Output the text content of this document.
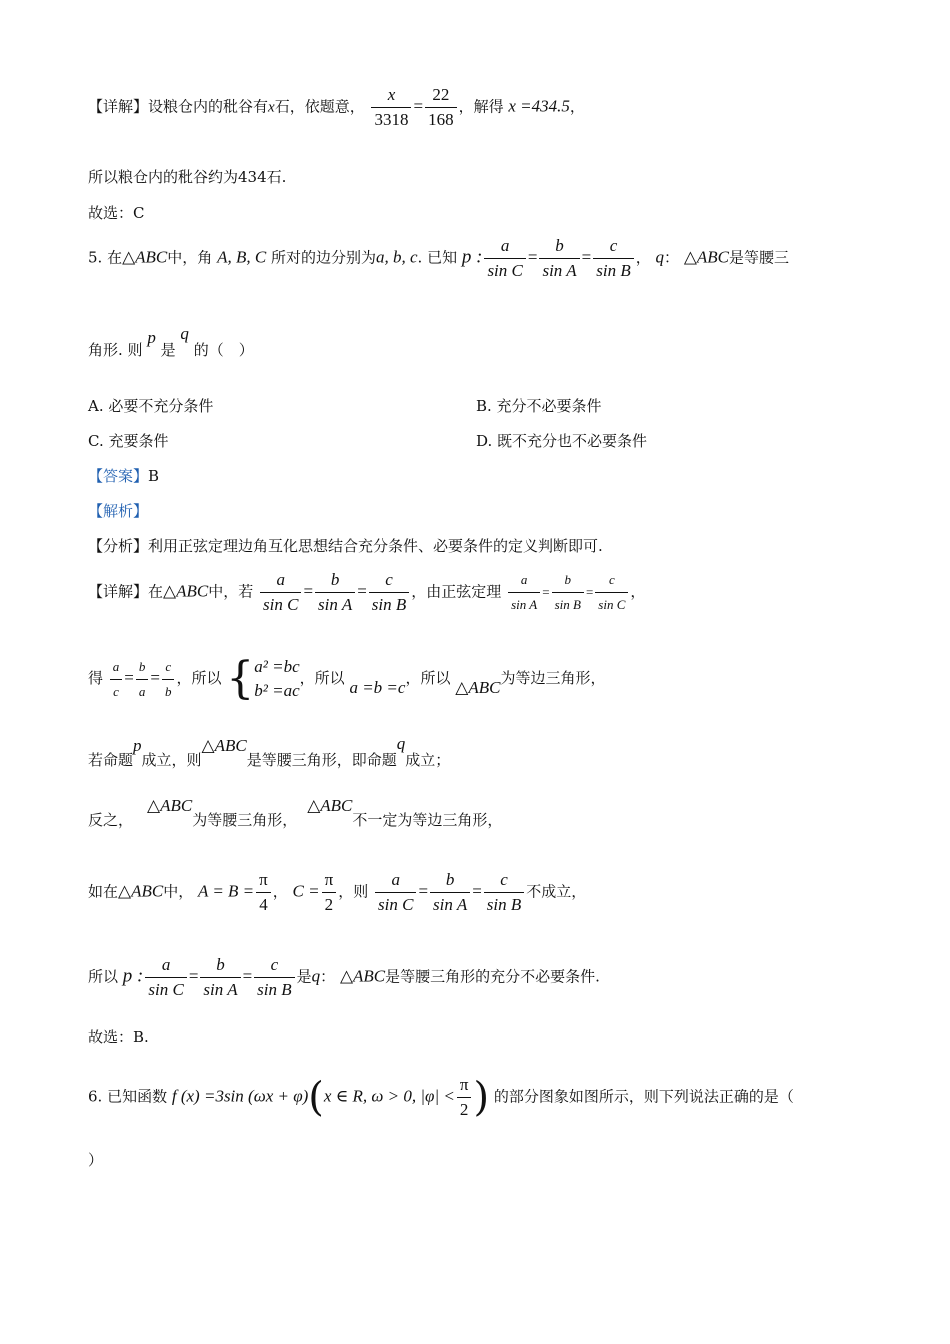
【详解】设粮仓内的秕谷有x石，依题意， $\frac{x}{3318} = \frac{22}{168}$ ，解得 x =434.5，
所以粮仓内的秕谷约为434石.
故选：C
5. 在△ABC中，角 A, B, C 所对的边分别为a, b, c. 已知 p : $\frac{a}{\text{sin C}} = \frac{b}{\text{sin A}} = \frac{c}{\text{sin B}}$ ， q： △ABC是等腰三
角形. 则 p 是 q 的（　）
A. 必要不充分条件	B. 充分不必要条件
C. 充要条件	D. 既不充分也不必要条件
【答案】B
【解析】
【分析】利用正弦定理边角互化思想结合充分条件、必要条件的定义判断即可.
【详解】在△ABC中，若 $\frac{a}{\text{sin C}} = \frac{b}{\text{sin A}} = \frac{c}{\text{sin B}}$ ，由正弦定理 $\frac{a}{\text{sin A}} = \frac{b}{\text{sin B}} = \frac{c}{\text{sin C}}$ ，
得 $\frac{a}{c} = \frac{b}{a} = \frac{c}{b}$ ，所以 { a² =bc
b² =ac
，所以 a =b =c，所以 △ABC为等边三角形，
若命题p成立，则△ABC是等腰三角形，即命题q成立；
反之，△ABC为等腰三角形，△ABC不一定为等边三角形，
如在△ABC中， $A = B = \frac{\pi}{4}$ ， $C = \frac{\pi}{2}$ ，则 $\frac{a}{\text{sin C}} = \frac{b}{\text{sin A}} = \frac{c}{\text{sin B}}$ 不成立，
所以 p : $\frac{a}{\text{sin C}} = \frac{b}{\text{sin A}} = \frac{c}{\text{sin B}}$ 是q： △ABC是等腰三角形的充分不必要条件.
故选：B.
6. 已知函数 f (x) =3sin (ωx + φ)(x ∈ R, ω > 0, $|\varphi| < \frac{\pi}{2}$ ) 的部分图象如图所示，则下列说法正确的是（
）
